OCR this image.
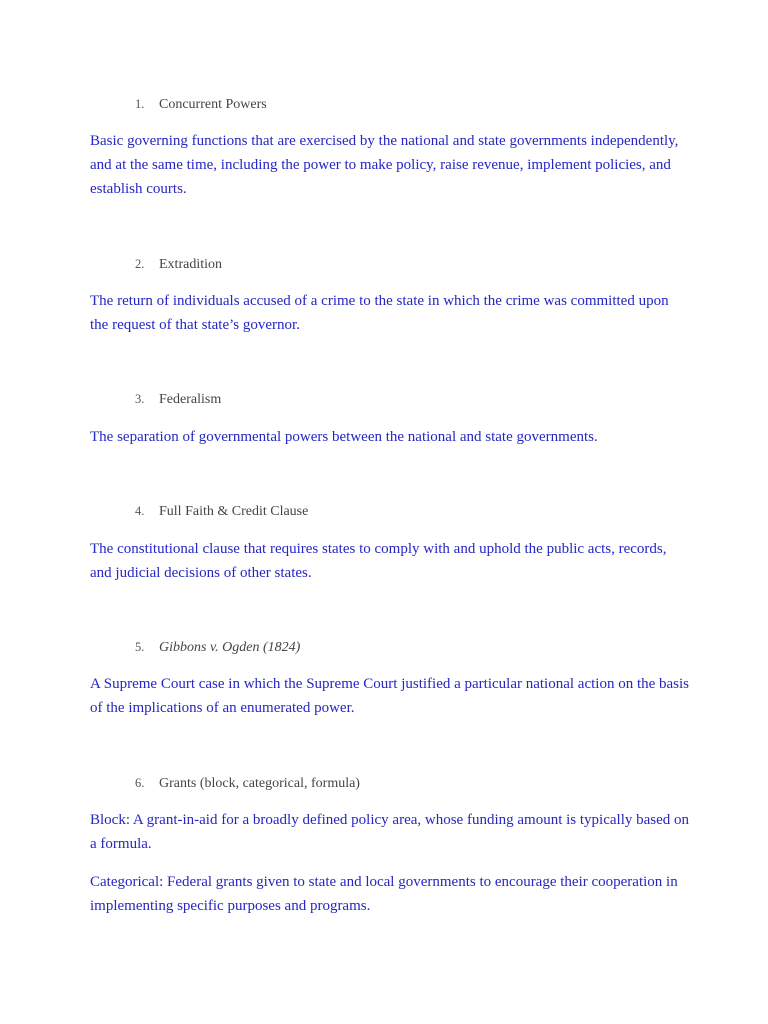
1. Concurrent Powers
Basic governing functions that are exercised by the national and state governments independently, and at the same time, including the power to make policy, raise revenue, implement policies, and establish courts.
2. Extradition
The return of individuals accused of a crime to the state in which the crime was committed upon the request of that state’s governor.
3. Federalism
The separation of governmental powers between the national and state governments.
4. Full Faith & Credit Clause
The constitutional clause that requires states to comply with and uphold the public acts, records, and judicial decisions of other states.
5. Gibbons v. Ogden (1824)
A Supreme Court case in which the Supreme Court justified a particular national action on the basis of the implications of an enumerated power.
6. Grants (block, categorical, formula)
Block: A grant-in-aid for a broadly defined policy area, whose funding amount is typically based on a formula.
Categorical: Federal grants given to state and local governments to encourage their cooperation in implementing specific purposes and programs.
